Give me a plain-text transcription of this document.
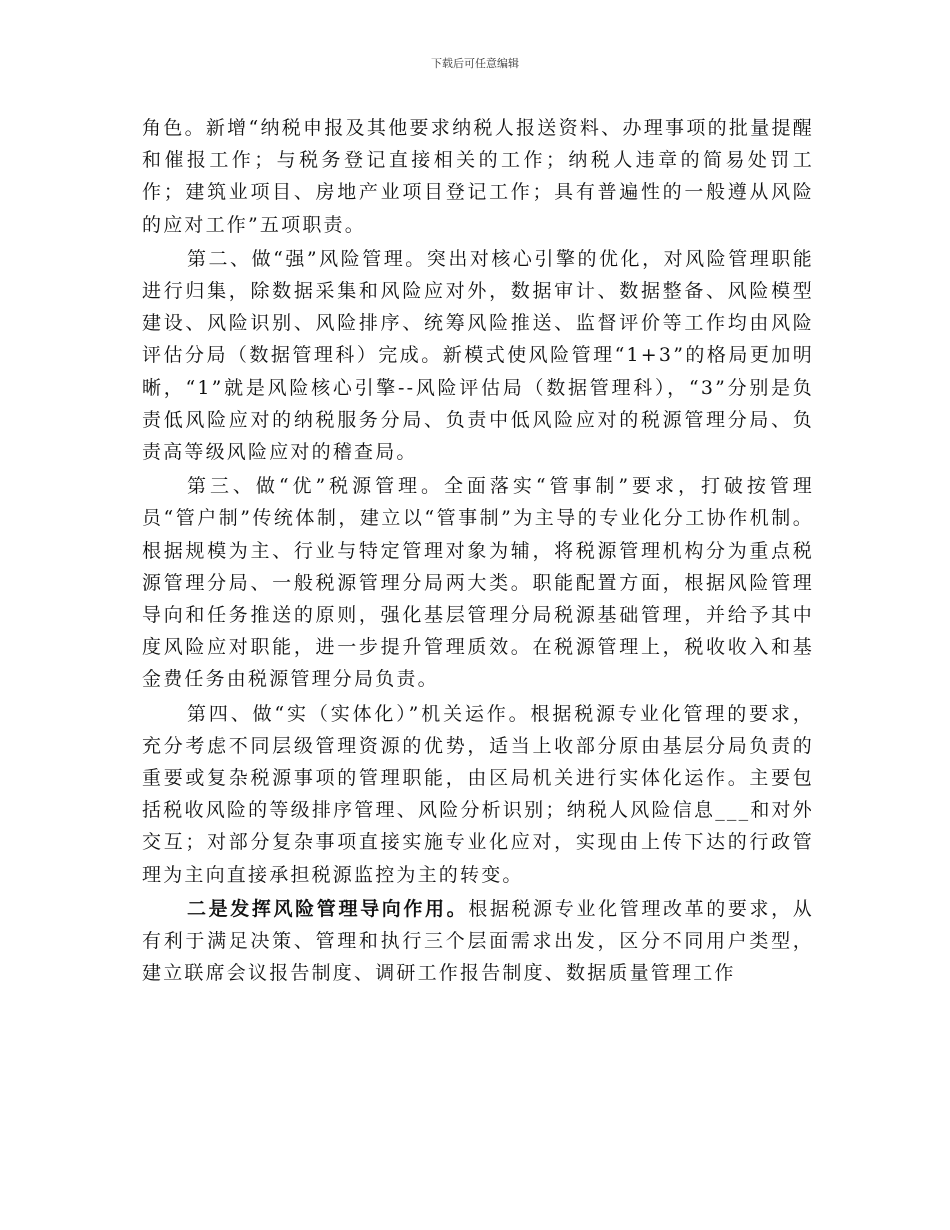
下载后可任意编辑

角色。新增“纳税申报及其他要求纳税人报送资料、办理事项的批量提醒和催报工作；与税务登记直接相关的工作；纳税人违章的简易处罚工作；建筑业项目、房地产业项目登记工作；具有普遍性的一般遵从风险的应对工作”五项职责。

第二、做“强”风险管理。突出对核心引擎的优化，对风险管理职能进行归集，除数据采集和风险应对外，数据审计、数据整备、风险模型建设、风险识别、风险排序、统筹风险推送、监督评价等工作均由风险评估分局（数据管理科）完成。新模式使风险管理“1+3”的格局更加明晰，“1”就是风险核心引擎--风险评估局（数据管理科），“3”分别是负责低风险应对的纳税服务分局、负责中低风险应对的税源管理分局、负责高等级风险应对的稽查局。

第三、做“优”税源管理。全面落实“管事制”要求，打破按管理员“管户制”传统体制，建立以“管事制”为主导的专业化分工协作机制。根据规模为主、行业与特定管理对象为辅，将税源管理机构分为重点税源管理分局、一般税源管理分局两大类。职能配置方面，根据风险管理导向和任务推送的原则，强化基层管理分局税源基础管理，并给予其中度风险应对职能，进一步提升管理质效。在税源管理上，税收收入和基金费任务由税源管理分局负责。

第四、做“实（实体化）”机关运作。根据税源专业化管理的要求，充分考虑不同层级管理资源的优势，适当上收部分原由基层分局负责的重要或复杂税源事项的管理职能，由区局机关进行实体化运作。主要包括税收风险的等级排序管理、风险分析识别；纳税人风险信息___和对外交互；对部分复杂事项直接实施专业化应对，实现由上传下达的行政管理为主向直接承担税源监控为主的转变。

二是发挥风险管理导向作用。根据税源专业化管理改革的要求，从有利于满足决策、管理和执行三个层面需求出发，区分不同用户类型，建立联席会议报告制度、调研工作报告制度、数据质量管理工作
